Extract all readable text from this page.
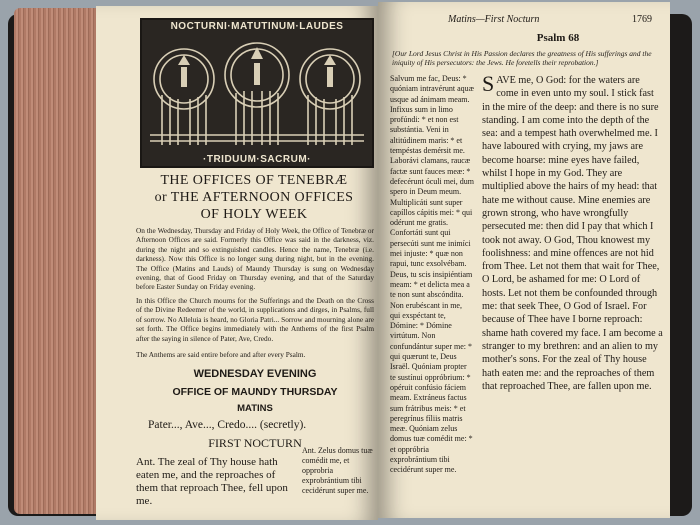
NOCTURNI·MATUTINUM·LAUDES
·TRIDUUM·SACRUM·
THE OFFICES OF TENEBRÆ
or THE AFTERNOON OFFICES
OF HOLY WEEK

On the Wednesday, Thursday and Friday of Holy Week, the Office of Tenebræ or Afternoon Offices are said. Formerly this Office was said in the darkness, viz. during the night and so extinguished candles. Hence the name, Tenebræ (i.e. darkness). Now this Office is no longer sung during night, but in the evening. The Office (Matins and Lauds) of Maundy Thursday is sung on Wednesday evening, that of Good Friday on Thursday evening, and that of the Saturday before Easter Sunday on Friday evening.

In this Office the Church mourns for the Sufferings and the Death on the Cross of the Divine Redeemer of the world, in supplications and dirges, in Psalms, full of sorrow. No Alleluia is heard, no Gloria Patri... Sorrow and mourning alone are set forth. The Office begins immediately with the Anthems of the first Psalm after the saying in silence of Pater, Ave, Credo.

The Anthems are said entire before and after every Psalm.

WEDNESDAY EVENING
OFFICE OF MAUNDY THURSDAY
MATINS
Pater..., Ave..., Credo.... (secretly).
FIRST NOCTURN

Ant. The zeal of Thy house hath eaten me, and the reproaches of them that reproach Thee, fell upon me.

Ant. Zelus domus tuæ comédit me, et opprobria exprobrántium tibi cecidérunt super me.

Matins—First Nocturn	1769
Psalm 68

[Our Lord Jesus Christ in His Passion declares the greatness of His sufferings and the iniquity of His persecutors: the Jews. He foretells their reprobation.]

Salvum me fac, Deus: * quóniam intravérunt aquæ usque ad ánimam meam. Infixus sum in limo profúndi: * et non est substántia. Veni in altitúdinem maris: * et tempéstas demérsit me. Laborávi clamans, raucæ factæ sunt fauces meæ: * defecérunt óculi mei, dum spero in Deum meum. Multiplicáti sunt super capíllos cápitis mei: * qui odérunt me gratis. Confortáti sunt qui persecúti sunt me inimíci mei injuste: * quæ non rapui, tunc exsolvébam. Deus, tu scis insipiéntiam meam: * et delicta mea a te non sunt abscóndita. Non erubéscant in me, qui exspéctant te, Dómine: * Dómine virtútum. Non confundántur super me: * qui quærunt te, Deus Israël. Quóniam propter te sustínui oppróbrium: * opéruit confúsio fáciem meam. Extráneus factus sum frátribus meis: * et peregrínus fíliis matris meæ. Quóniam zelus domus tuæ comédit me: * et oppróbria exprobrántium tibi cecidérunt super me.

SAVE me, O God: for the waters are come in even unto my soul. I stick fast in the mire of the deep: and there is no sure standing. I am come into the depth of the sea: and a tempest hath overwhelmed me. I have laboured with crying, my jaws are become hoarse: mine eyes have failed, whilst I hope in my God. They are multiplied above the hairs of my head: that hate me without cause. Mine enemies are grown strong, who have wrongfully persecuted me: then did I pay that which I took not away. O God, Thou knowest my foolishness: and mine offences are not hid from Thee. Let not them that wait for Thee, O Lord, be ashamed for me: O Lord of hosts. Let not them be confounded through me: that seek Thee, O God of Israel. For because of Thee have I borne reproach: shame hath covered my face. I am become a stranger to my brethren: and an alien to my mother's sons. For the zeal of Thy house hath eaten me: and the reproaches of them that reproached Thee, are fallen upon me.
